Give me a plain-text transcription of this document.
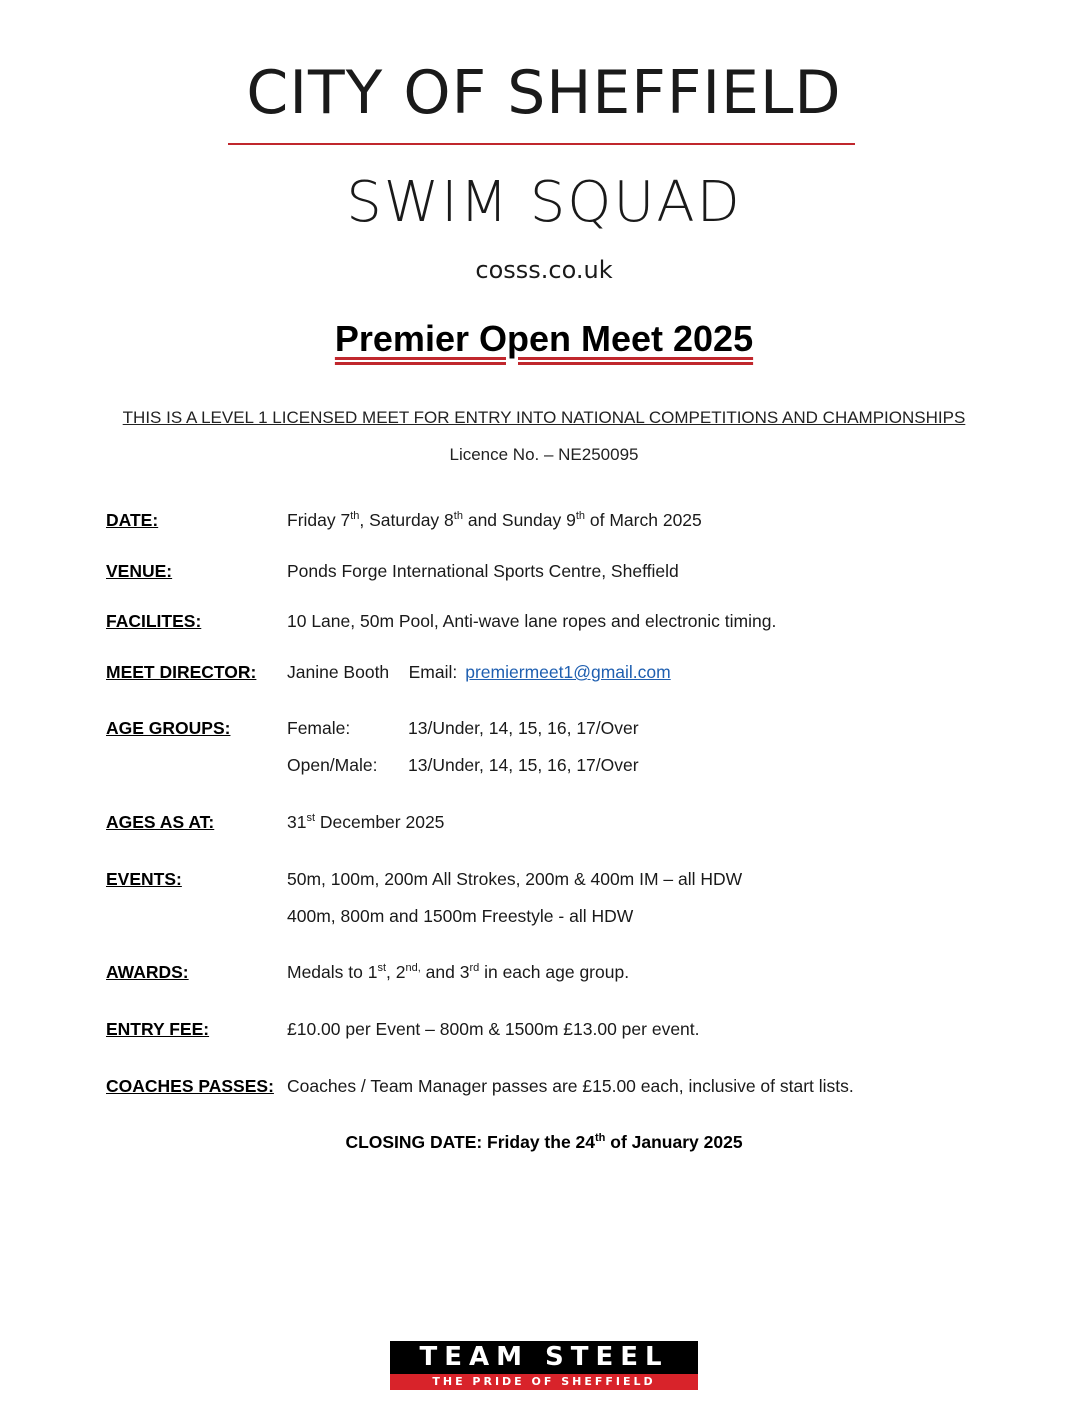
CITY OF SHEFFIELD
SWIM SQUAD
cosss.co.uk
Premier Open Meet 2025
THIS IS A LEVEL 1 LICENSED MEET FOR ENTRY INTO NATIONAL COMPETITIONS AND CHAMPIONSHIPS
Licence No. – NE250095
DATE:	Friday 7th, Saturday 8th and Sunday 9th of March 2025
VENUE:	Ponds Forge International Sports Centre, Sheffield
FACILITES:	10 Lane, 50m Pool, Anti-wave lane ropes and electronic timing.
MEET DIRECTOR: Janine Booth Email: premiermeet1@gmail.com
AGE GROUPS:	Female:	13/Under, 14, 15, 16, 17/Over
Open/Male: 13/Under, 14, 15, 16, 17/Over
AGES AS AT:	31st December 2025
EVENTS:	50m, 100m, 200m All Strokes, 200m & 400m IM – all HDW
400m, 800m and 1500m Freestyle - all HDW
AWARDS:	Medals to 1st, $2^{nd,}$ and 3rd in each age group.
ENTRY FEE:	£10.00 per Event – 800m & 1500m £13.00 per event.
COACHES PASSES: Coaches / Team Manager passes are £15.00 each, inclusive of start lists.
CLOSING DATE: Friday the 24th of January 2025
TEAM STEEL
THE PRIDE OF SHEFFIELD
